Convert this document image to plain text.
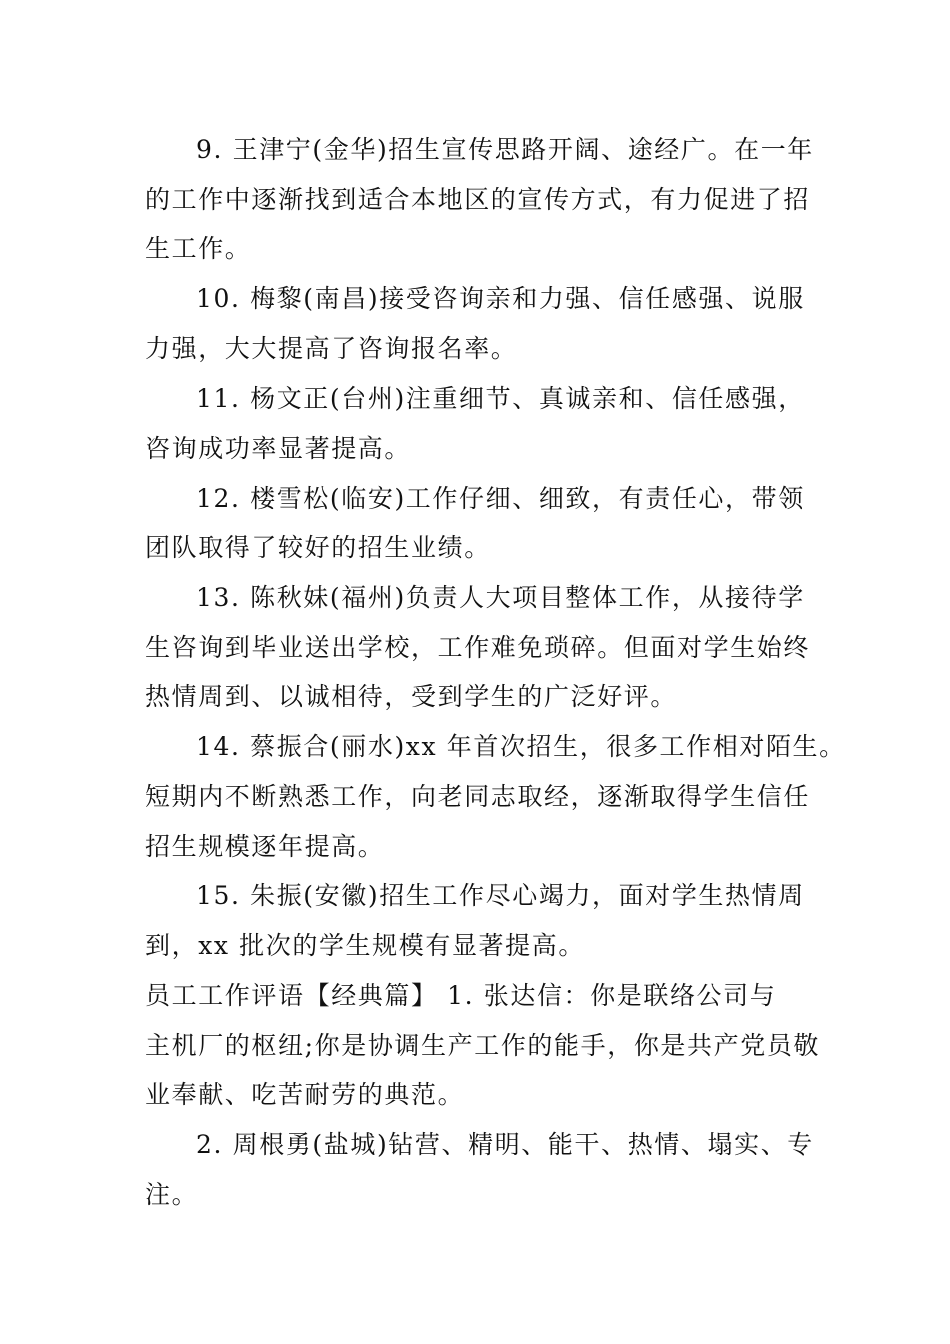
9. 王津宁(金华)招生宣传思路开阔、途经广。在一年
的工作中逐渐找到适合本地区的宣传方式，有力促进了招
生工作。
10. 梅黎(南昌)接受咨询亲和力强、信任感强、说服
力强，大大提高了咨询报名率。
11. 杨文正(台州)注重细节、真诚亲和、信任感强，
咨询成功率显著提高。
12. 楼雪松(临安)工作仔细、细致，有责任心，带领
团队取得了较好的招生业绩。
13. 陈秋妹(福州)负责人大项目整体工作，从接待学
生咨询到毕业送出学校，工作难免琐碎。但面对学生始终
热情周到、以诚相待，受到学生的广泛好评。
14. 蔡振合(丽水)xx 年首次招生，很多工作相对陌生。
短期内不断熟悉工作，向老同志取经，逐渐取得学生信任
招生规模逐年提高。
15. 朱振(安徽)招生工作尽心竭力，面对学生热情周
到，xx 批次的学生规模有显著提高。
员工工作评语【经典篇】 1. 张达信：你是联络公司与
主机厂的枢纽;你是协调生产工作的能手，你是共产党员敬
业奉献、吃苦耐劳的典范。
2. 周根勇(盐城)钻营、精明、能干、热情、塌实、专
注。
